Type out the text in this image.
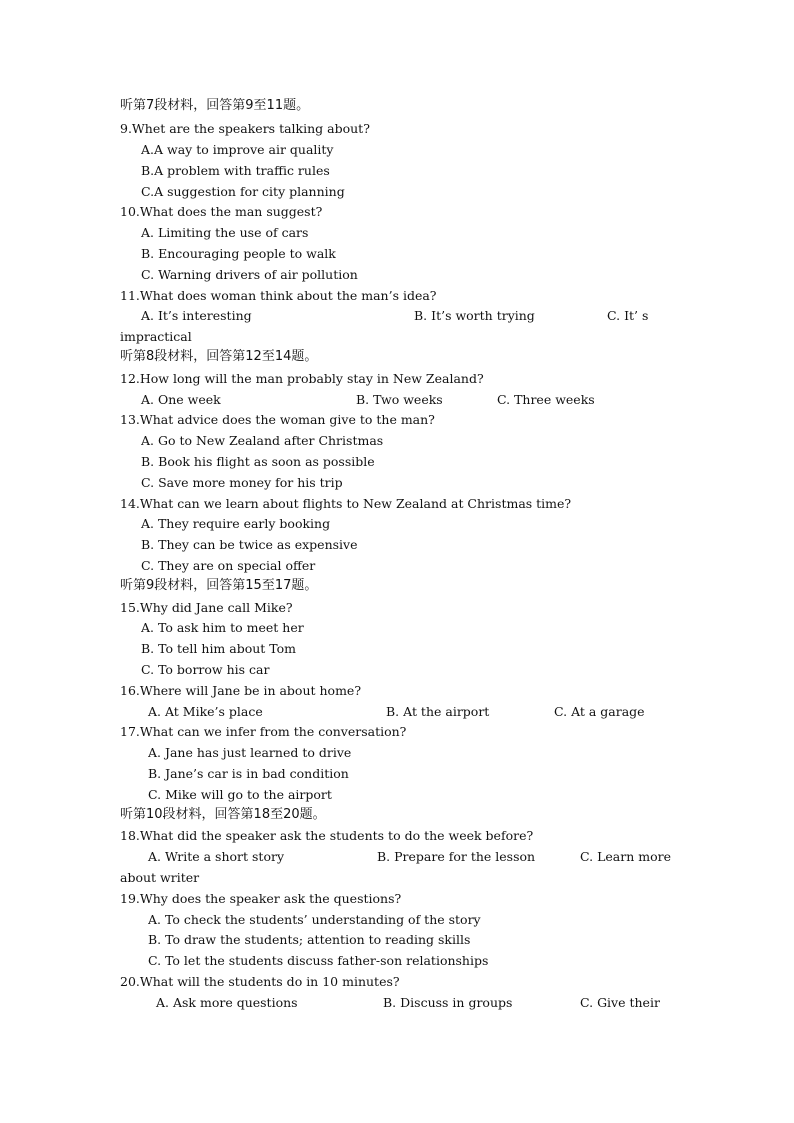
听第7段材料，回答第9至11题。
9.Whet are the speakers talking about?
A.A way to improve air quality
B.A problem with traffic rules
C.A suggestion for city planning
10.What does the man suggest?
A. Limiting the use of cars
B. Encouraging people to walk
C. Warning drivers of air pollution
11.What does woman think about the man’s idea?

A. It’s interesting

	B. It’s worth trying

	C. It’ s

impractical
听第8段材料，回答第12至14题。
12.How long will the man probably stay in New Zealand?

A. One week

	B. Two weeks

	C. Three weeks

13.What advice does the woman give to the man?
A. Go to New Zealand after Christmas
B. Book his flight as soon as possible
C. Save more money for his trip
14.What can we learn about flights to New Zealand at Christmas time?
A. They require early booking
B. They can be twice as expensive
C. They are on special offer
听第9段材料，回答第15至17题。
15.Why did Jane call Mike?
A. To ask him to meet her
B. To tell him about Tom
C. To borrow his car
16.Where will Jane be in about home?

A. At Mike’s place

	B. At the airport

	C. At a garage

17.What can we infer from the conversation?
A. Jane has just learned to drive
B. Jane’s car is in bad condition
C. Mike will go to the airport
听第10段材料，回答第18至20题。
18.What did the speaker ask the students to do the week before?

A. Write a short story

	B. Prepare for the lesson

	C. Learn more

about writer
19.Why does the speaker ask the questions?
A. To check the students’ understanding of the story
B. To draw the students; attention to reading skills
C. To let the students discuss father-son relationships
20.What will the students do in 10 minutes?

A. Ask more questions

	B. Discuss in groups

	C. Give their
